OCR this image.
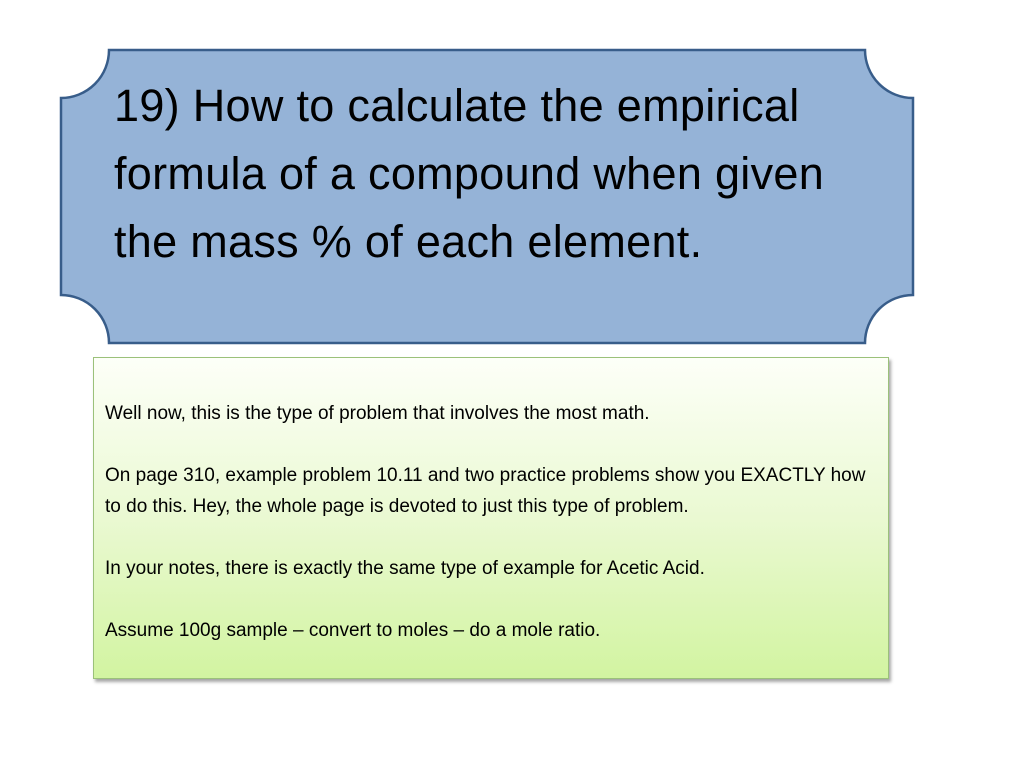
19) How to calculate the empirical formula of a compound when given the mass % of each element.

Well now, this is the type of problem that involves the most math.

On page 310, example problem 10.11 and two practice problems show you EXACTLY how to do this. Hey, the whole page is devoted to just this type of problem.

In your notes, there is exactly the same type of example for Acetic Acid.

Assume 100g sample – convert to moles – do a mole ratio.
